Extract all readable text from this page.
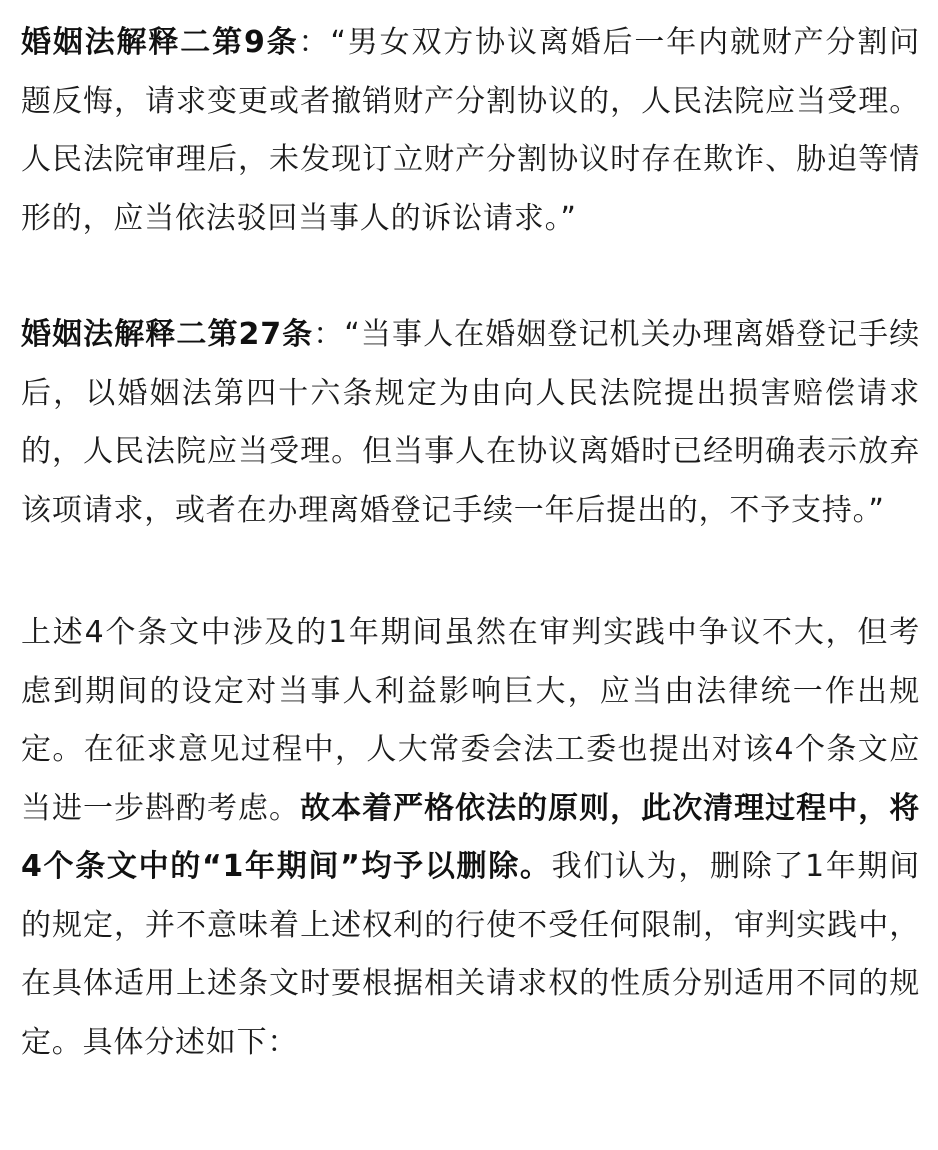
婚姻法解释二第9条：“男女双方协议离婚后一年内就财产分割问题反悔，请求变更或者撤销财产分割协议的，人民法院应当受理。人民法院审理后，未发现订立财产分割协议时存在欺诈、胁迫等情形的，应当依法驳回当事人的诉讼请求。”

婚姻法解释二第27条：“当事人在婚姻登记机关办理离婚登记手续后，以婚姻法第四十六条规定为由向人民法院提出损害赔偿请求的，人民法院应当受理。但当事人在协议离婚时已经明确表示放弃该项请求，或者在办理离婚登记手续一年后提出的，不予支持。”

上述4个条文中涉及的1年期间虽然在审判实践中争议不大，但考虑到期间的设定对当事人利益影响巨大，应当由法律统一作出规定。在征求意见过程中，人大常委会法工委也提出对该4个条文应当进一步斟酌考虑。故本着严格依法的原则，此次清理过程中，将4个条文中的“1年期间”均予以删除。我们认为，删除了1年期间的规定，并不意味着上述权利的行使不受任何限制，审判实践中，在具体适用上述条文时要根据相关请求权的性质分别适用不同的规定。具体分述如下：
